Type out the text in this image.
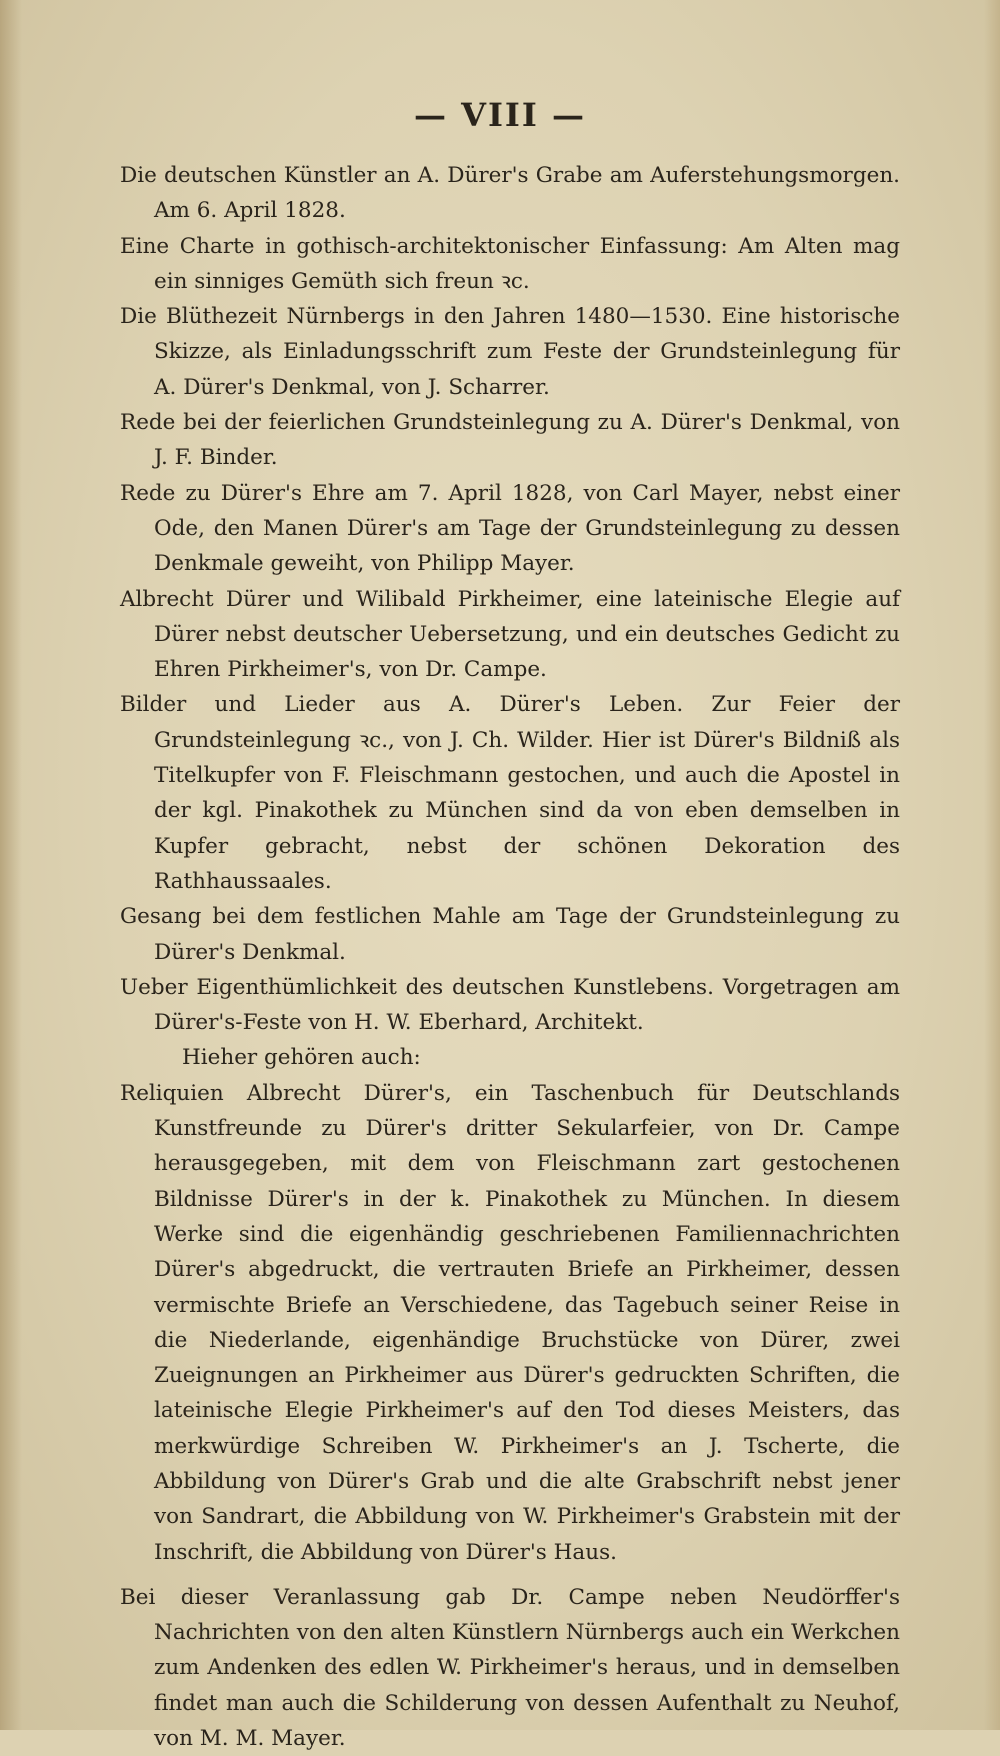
— VIII —

Die deutschen Künstler an A. Dürer's Grabe am Auferstehungsmorgen. Am 6. April 1828.

Eine Charte in gothisch-architektonischer Einfassung: Am Alten mag ein sinniges Gemüth sich freun ꝛc.

Die Blüthezeit Nürnbergs in den Jahren 1480—1530. Eine historische Skizze, als Einladungsschrift zum Feste der Grundsteinlegung für A. Dürer's Denkmal, von J. Scharrer.

Rede bei der feierlichen Grundsteinlegung zu A. Dürer's Denkmal, von J. F. Binder.

Rede zu Dürer's Ehre am 7. April 1828, von Carl Mayer, nebst einer Ode, den Manen Dürer's am Tage der Grundsteinlegung zu dessen Denkmale geweiht, von Philipp Mayer.

Albrecht Dürer und Wilibald Pirkheimer, eine lateinische Elegie auf Dürer nebst deutscher Uebersetzung, und ein deutsches Gedicht zu Ehren Pirkheimer's, von Dr. Campe.

Bilder und Lieder aus A. Dürer's Leben. Zur Feier der Grundsteinlegung ꝛc., von J. Ch. Wilder. Hier ist Dürer's Bildniß als Titelkupfer von F. Fleischmann gestochen, und auch die Apostel in der kgl. Pinakothek zu München sind da von eben demselben in Kupfer gebracht, nebst der schönen Dekoration des Rathhaussaales.

Gesang bei dem festlichen Mahle am Tage der Grundsteinlegung zu Dürer's Denkmal.

Ueber Eigenthümlichkeit des deutschen Kunstlebens. Vorgetragen am Dürer's-Feste von H. W. Eberhard, Architekt.

Hieher gehören auch:

Reliquien Albrecht Dürer's, ein Taschenbuch für Deutschlands Kunstfreunde zu Dürer's dritter Sekularfeier, von Dr. Campe herausgegeben, mit dem von Fleischmann zart gestochenen Bildnisse Dürer's in der k. Pinakothek zu München. In diesem Werke sind die eigenhändig geschriebenen Familiennachrichten Dürer's abgedruckt, die vertrauten Briefe an Pirkheimer, dessen vermischte Briefe an Verschiedene, das Tagebuch seiner Reise in die Niederlande, eigenhändige Bruchstücke von Dürer, zwei Zueignungen an Pirkheimer aus Dürer's gedruckten Schriften, die lateinische Elegie Pirkheimer's auf den Tod dieses Meisters, das merkwürdige Schreiben W. Pirkheimer's an J. Tscherte, die Abbildung von Dürer's Grab und die alte Grabschrift nebst jener von Sandrart, die Abbildung von W. Pirkheimer's Grabstein mit der Inschrift, die Abbildung von Dürer's Haus.

Bei dieser Veranlassung gab Dr. Campe neben Neudörffer's Nachrichten von den alten Künstlern Nürnbergs auch ein Werkchen zum Andenken des edlen W. Pirkheimer's heraus, und in demselben findet man auch die Schilderung von dessen Aufenthalt zu Neuhof, von M. M. Mayer.
